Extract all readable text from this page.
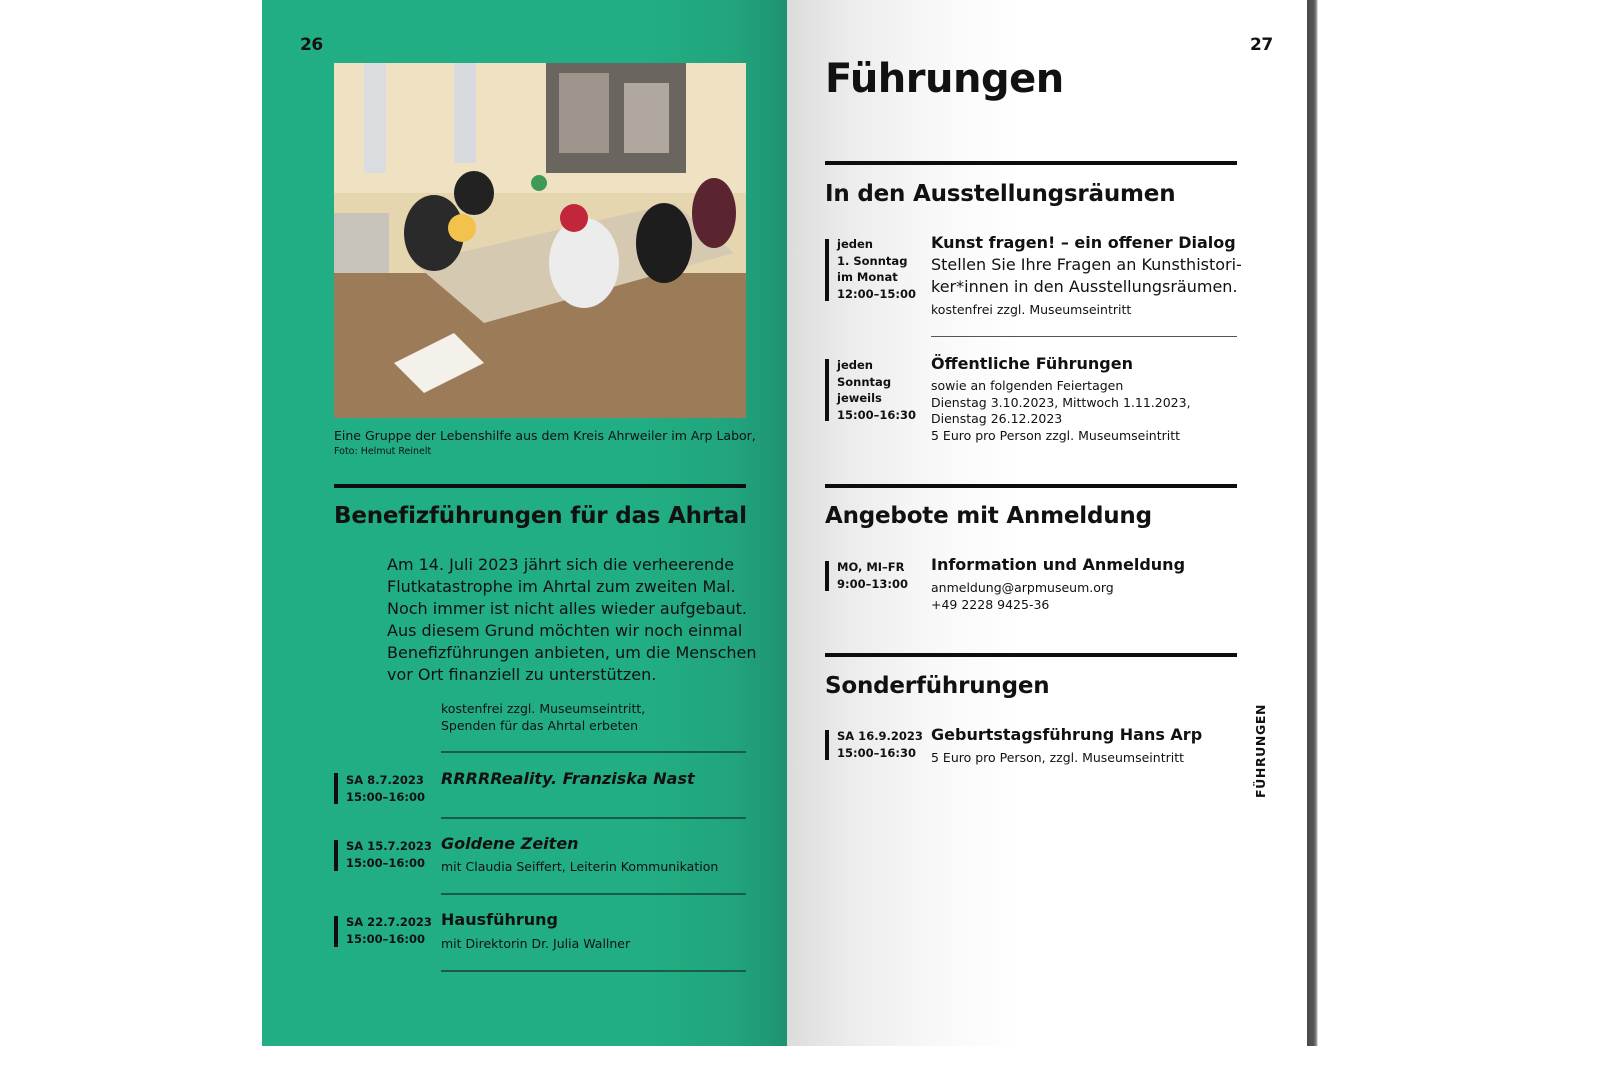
26
Eine Gruppe der Lebenshilfe aus dem Kreis Ahrweiler im Arp Labor,
Foto: Helmut Reinelt
Benefizführungen für das Ahrtal
Am 14. Juli 2023 jährt sich die verheerende
Flutkatastrophe im Ahrtal zum zweiten Mal.
Noch immer ist nicht alles wieder aufgebaut.
Aus diesem Grund möchten wir noch einmal
Benefizführungen anbieten, um die Menschen
vor Ort finanziell zu unterstützen.
kostenfrei zzgl. Museumseintritt,
Spenden für das Ahrtal erbeten
SA 8.7.2023
15:00–16:00
RRRRReality. Franziska Nast
SA 15.7.2023
15:00–16:00
Goldene Zeiten
mit Claudia Seiffert, Leiterin Kommunikation
SA 22.7.2023
15:00–16:00
Hausführung
mit Direktorin Dr. Julia Wallner
27
Führungen
In den Ausstellungsräumen
jeden
1. Sonntag
im Monat
12:00–15:00
Kunst fragen! – ein offener Dialog
Stellen Sie Ihre Fragen an Kunsthistori-
ker*innen in den Ausstellungsräumen.
kostenfrei zzgl. Museumseintritt
jeden
Sonntag
jeweils
15:00–16:30
Öffentliche Führungen
sowie an folgenden Feiertagen
Dienstag 3.10.2023, Mittwoch 1.11.2023,
Dienstag 26.12.2023
5 Euro pro Person zzgl. Museumseintritt
Angebote mit Anmeldung
MO, MI–FR
9:00–13:00
Information und Anmeldung
anmeldung@arpmuseum.org
+49 2228 9425-36
Sonderführungen
SA 16.9.2023
15:00–16:30
Geburtstagsführung Hans Arp
5 Euro pro Person, zzgl. Museumseintritt	FÜHRUNGEN
